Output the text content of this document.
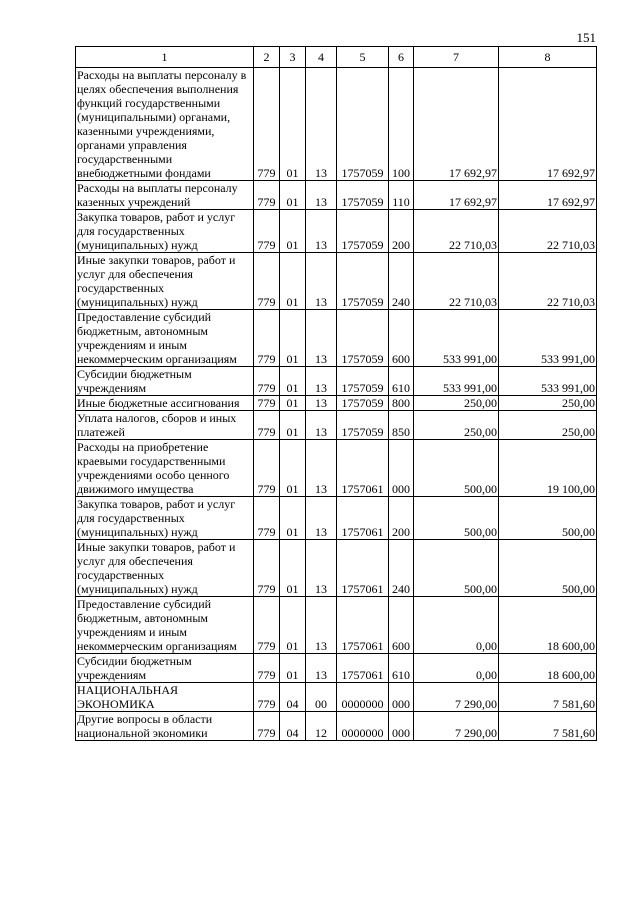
151
1	2	3	4	5	6	7	8
Расходы на выплаты персоналу в целях обеспечения выполнения функций государственными (муниципальными) органами, казенными учреждениями, органами управления государственными внебюджетными фондами	779	01	13	1757059	100	17 692,97	17 692,97
Расходы на выплаты персоналу казенных учреждений	779	01	13	1757059	110	17 692,97	17 692,97
Закупка товаров, работ и услуг для государственных (муниципальных) нужд	779	01	13	1757059	200	22 710,03	22 710,03
Иные закупки товаров, работ и услуг для обеспечения государственных (муниципальных) нужд	779	01	13	1757059	240	22 710,03	22 710,03
Предоставление субсидий бюджетным, автономным учреждениям и иным некоммерческим организациям	779	01	13	1757059	600	533 991,00	533 991,00
Субсидии бюджетным учреждениям	779	01	13	1757059	610	533 991,00	533 991,00
Иные бюджетные ассигнования	779	01	13	1757059	800	250,00	250,00
Уплата налогов, сборов и иных платежей	779	01	13	1757059	850	250,00	250,00
Расходы на приобретение краевыми государственными учреждениями особо ценного движимого имущества	779	01	13	1757061	000	500,00	19 100,00
Закупка товаров, работ и услуг для государственных (муниципальных) нужд	779	01	13	1757061	200	500,00	500,00
Иные закупки товаров, работ и услуг для обеспечения государственных (муниципальных) нужд	779	01	13	1757061	240	500,00	500,00
Предоставление субсидий бюджетным, автономным учреждениям и иным некоммерческим организациям	779	01	13	1757061	600	0,00	18 600,00
Субсидии бюджетным учреждениям	779	01	13	1757061	610	0,00	18 600,00
НАЦИОНАЛЬНАЯ ЭКОНОМИКА	779	04	00	0000000	000	7 290,00	7 581,60
Другие вопросы в области национальной экономики	779	04	12	0000000	000	7 290,00	7 581,60
